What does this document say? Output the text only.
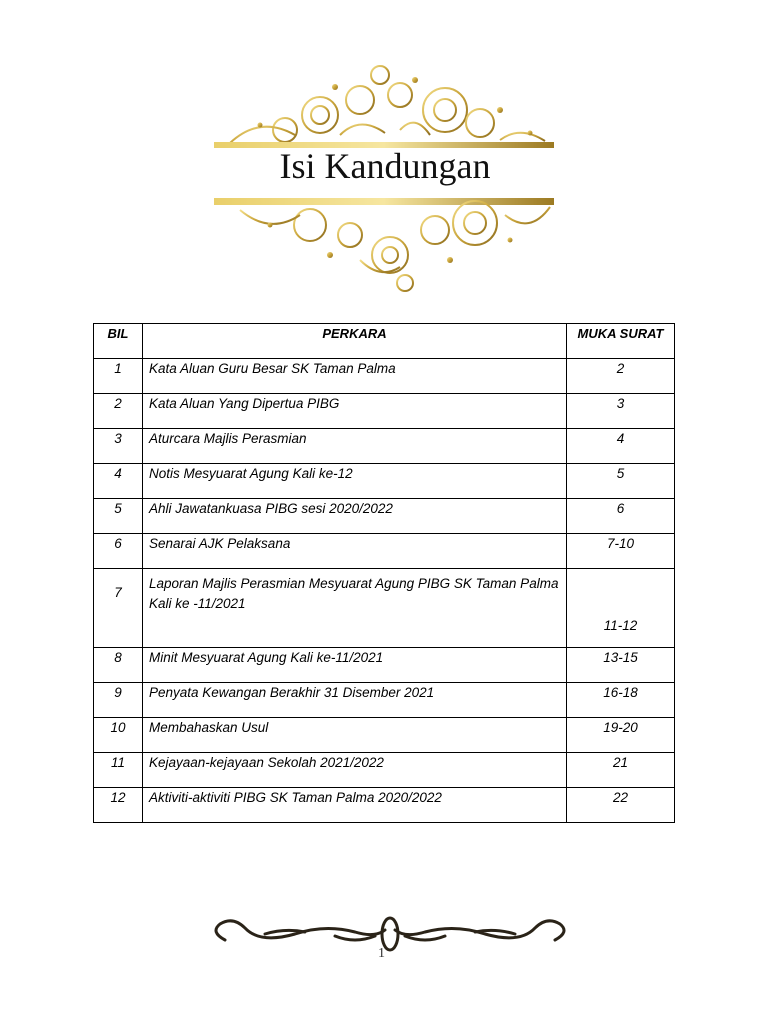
Isi Kandungan
BIL	PERKARA	MUKA SURAT
1	Kata Aluan Guru Besar SK Taman Palma	2
2	Kata Aluan Yang Dipertua PIBG	3
3	Aturcara Majlis Perasmian	4
4	Notis Mesyuarat Agung Kali ke-12	5
5	Ahli Jawatankuasa PIBG sesi 2020/2022	6
6	Senarai AJK Pelaksana	7-10
7	Laporan Majlis Perasmian Mesyuarat Agung PIBG SK Taman Palma Kali ke -11/2021	11-12
8	Minit Mesyuarat Agung Kali ke-11/2021	13-15
9	Penyata Kewangan Berakhir 31 Disember 2021	16-18
10	Membahaskan Usul	19-20
11	Kejayaan-kejayaan Sekolah 2021/2022	21
12	Aktiviti-aktiviti PIBG SK Taman Palma 2020/2022	22
1
